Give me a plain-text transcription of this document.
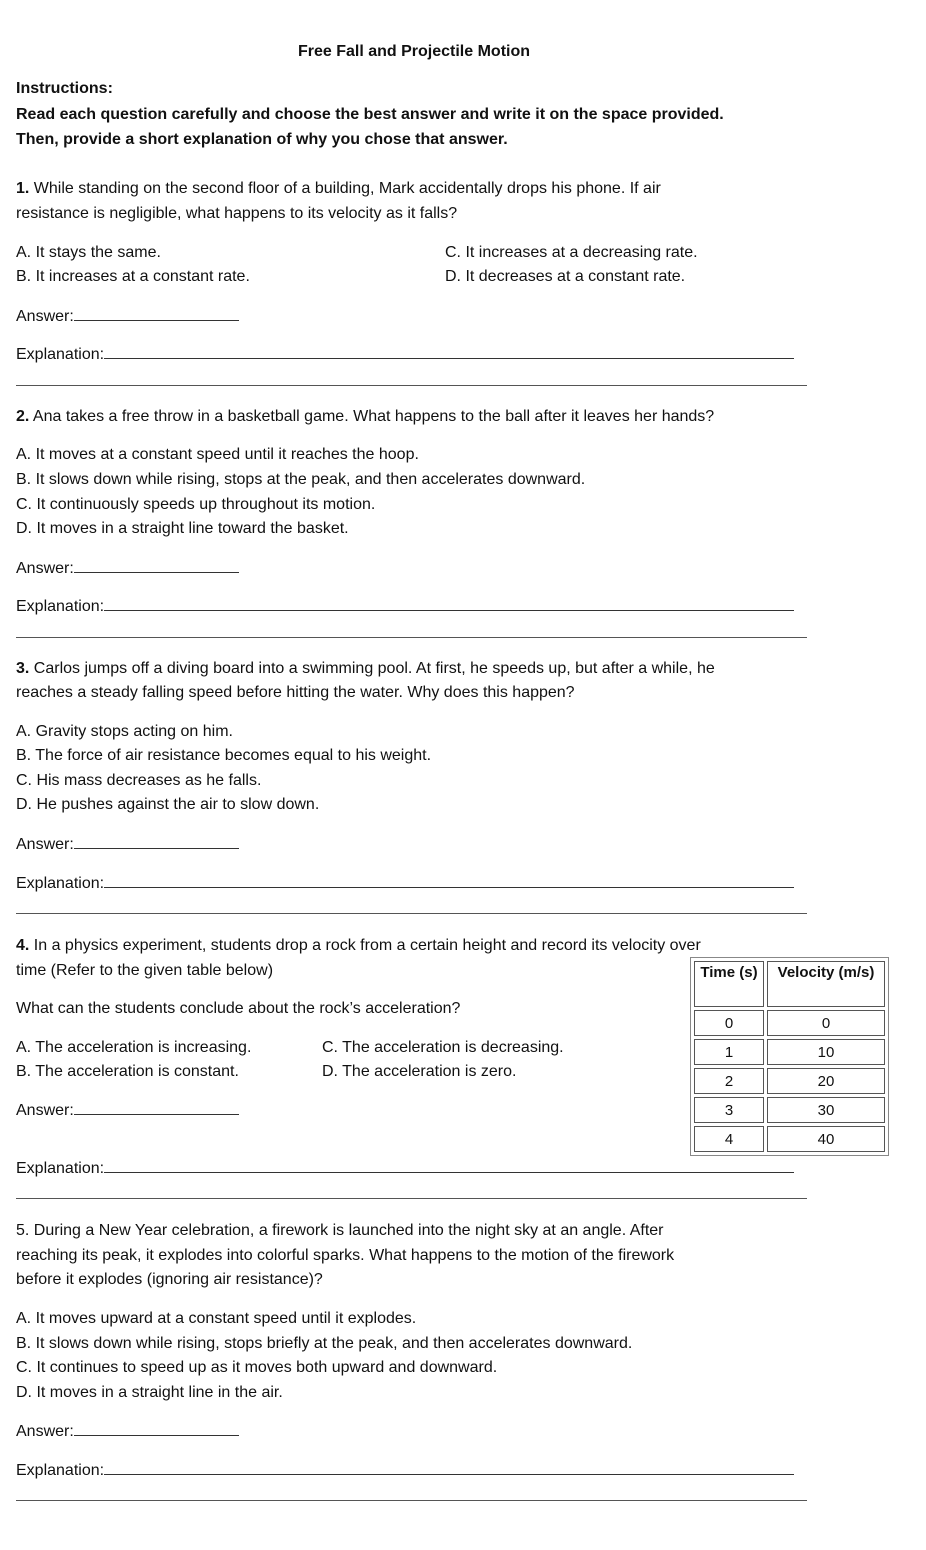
Free Fall and Projectile Motion
Instructions:
Read each question carefully and choose the best answer and write it on the space provided.
Then, provide a short explanation of why you chose that answer.
1. While standing on the second floor of a building, Mark accidentally drops his phone. If air
resistance is negligible, what happens to its velocity as it falls?
A. It stays the same.
B. It increases at a constant rate.
C. It increases at a decreasing rate.
D. It decreases at a constant rate.
Answer:
Explanation:
2. Ana takes a free throw in a basketball game. What happens to the ball after it leaves her hands?
A. It moves at a constant speed until it reaches the hoop.
B. It slows down while rising, stops at the peak, and then accelerates downward.
C. It continuously speeds up throughout its motion.
D. It moves in a straight line toward the basket.
Answer:
Explanation:
3. Carlos jumps off a diving board into a swimming pool. At first, he speeds up, but after a while, he
reaches a steady falling speed before hitting the water. Why does this happen?
A. Gravity stops acting on him.
B. The force of air resistance becomes equal to his weight.
C. His mass decreases as he falls.
D. He pushes against the air to slow down.
Answer:
Explanation:
4. In a physics experiment, students drop a rock from a certain height and record its velocity over
time (Refer to the given table below)
What can the students conclude about the rock’s acceleration?
A. The acceleration is increasing.
B. The acceleration is constant.
C. The acceleration is decreasing.
D. The acceleration is zero.
Answer:
Explanation:
5. During a New Year celebration, a firework is launched into the night sky at an angle. After
reaching its peak, it explodes into colorful sparks. What happens to the motion of the firework
before it explodes (ignoring air resistance)?
A. It moves upward at a constant speed until it explodes.
B. It slows down while rising, stops briefly at the peak, and then accelerates downward.
C. It continues to speed up as it moves both upward and downward.
D. It moves in a straight line in the air.
Answer:
Explanation:
Time (s)	Velocity (m/s)
0	0
1	10
2	20
3	30
4	40
